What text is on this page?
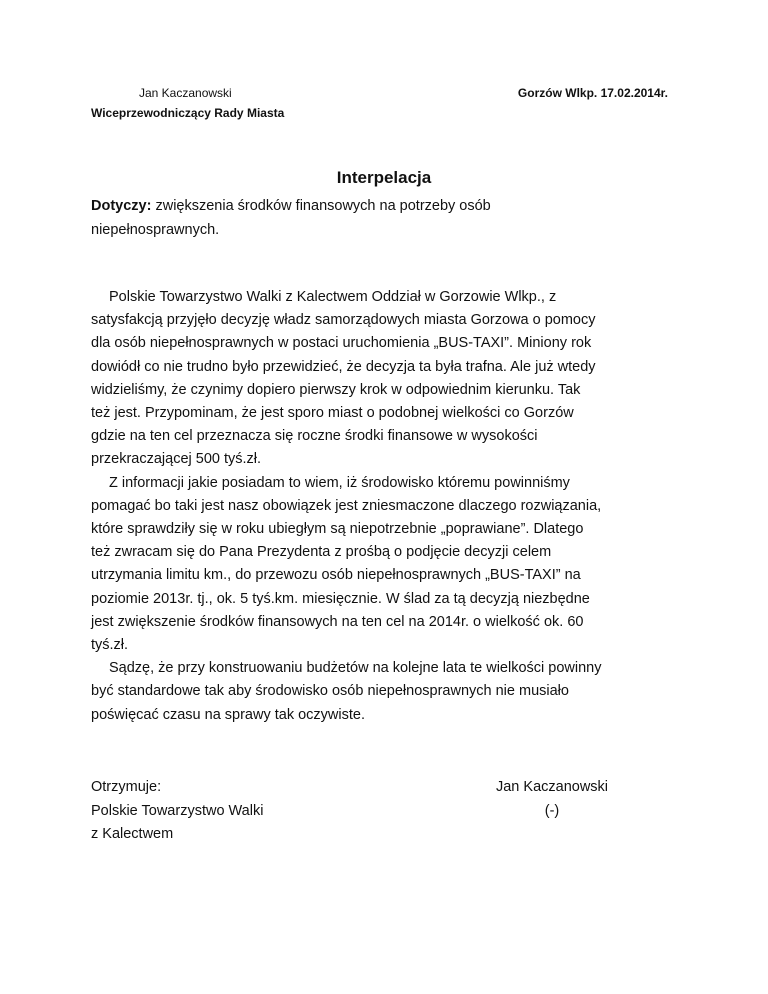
Jan Kaczanowski
Wiceprzewodniczący Rady Miasta
Gorzów Wlkp. 17.02.2014r.
Interpelacja
Dotyczy: zwiększenia środków finansowych na potrzeby osób
niepełnosprawnych.

Polskie Towarzystwo Walki z Kalectwem Oddział w Gorzowie Wlkp., z
satysfakcją przyjęło decyzję władz samorządowych miasta Gorzowa o pomocy
dla osób niepełnosprawnych w postaci uruchomienia „BUS-TAXI”. Miniony rok
dowiódł co nie trudno było przewidzieć, że decyzja ta była trafna. Ale już wtedy
widzieliśmy, że czynimy dopiero pierwszy krok w odpowiednim kierunku. Tak
też jest. Przypominam, że jest sporo miast o podobnej wielkości co Gorzów
gdzie na ten cel przeznacza się roczne środki finansowe w wysokości
przekraczającej 500 tyś.zł.

Z informacji jakie posiadam to wiem, iż środowisko któremu powinniśmy
pomagać bo taki jest nasz obowiązek jest zniesmaczone dlaczego rozwiązania,
które sprawdziły się w roku ubiegłym są niepotrzebnie „poprawiane”. Dlatego
też zwracam się do Pana Prezydenta z prośbą o podjęcie decyzji celem
utrzymania limitu km., do przewozu osób niepełnosprawnych „BUS-TAXI” na
poziomie 2013r. tj., ok. 5 tyś.km. miesięcznie. W ślad za tą decyzją niezbędne
jest zwiększenie środków finansowych na ten cel na 2014r. o wielkość ok. 60
tyś.zł.

Sądzę, że przy konstruowaniu budżetów na kolejne lata te wielkości powinny
być standardowe tak aby środowisko osób niepełnosprawnych nie musiało
poświęcać czasu na sprawy tak oczywiste.

Otrzymuje:
Polskie Towarzystwo Walki
z Kalectwem
Jan Kaczanowski
(-)
